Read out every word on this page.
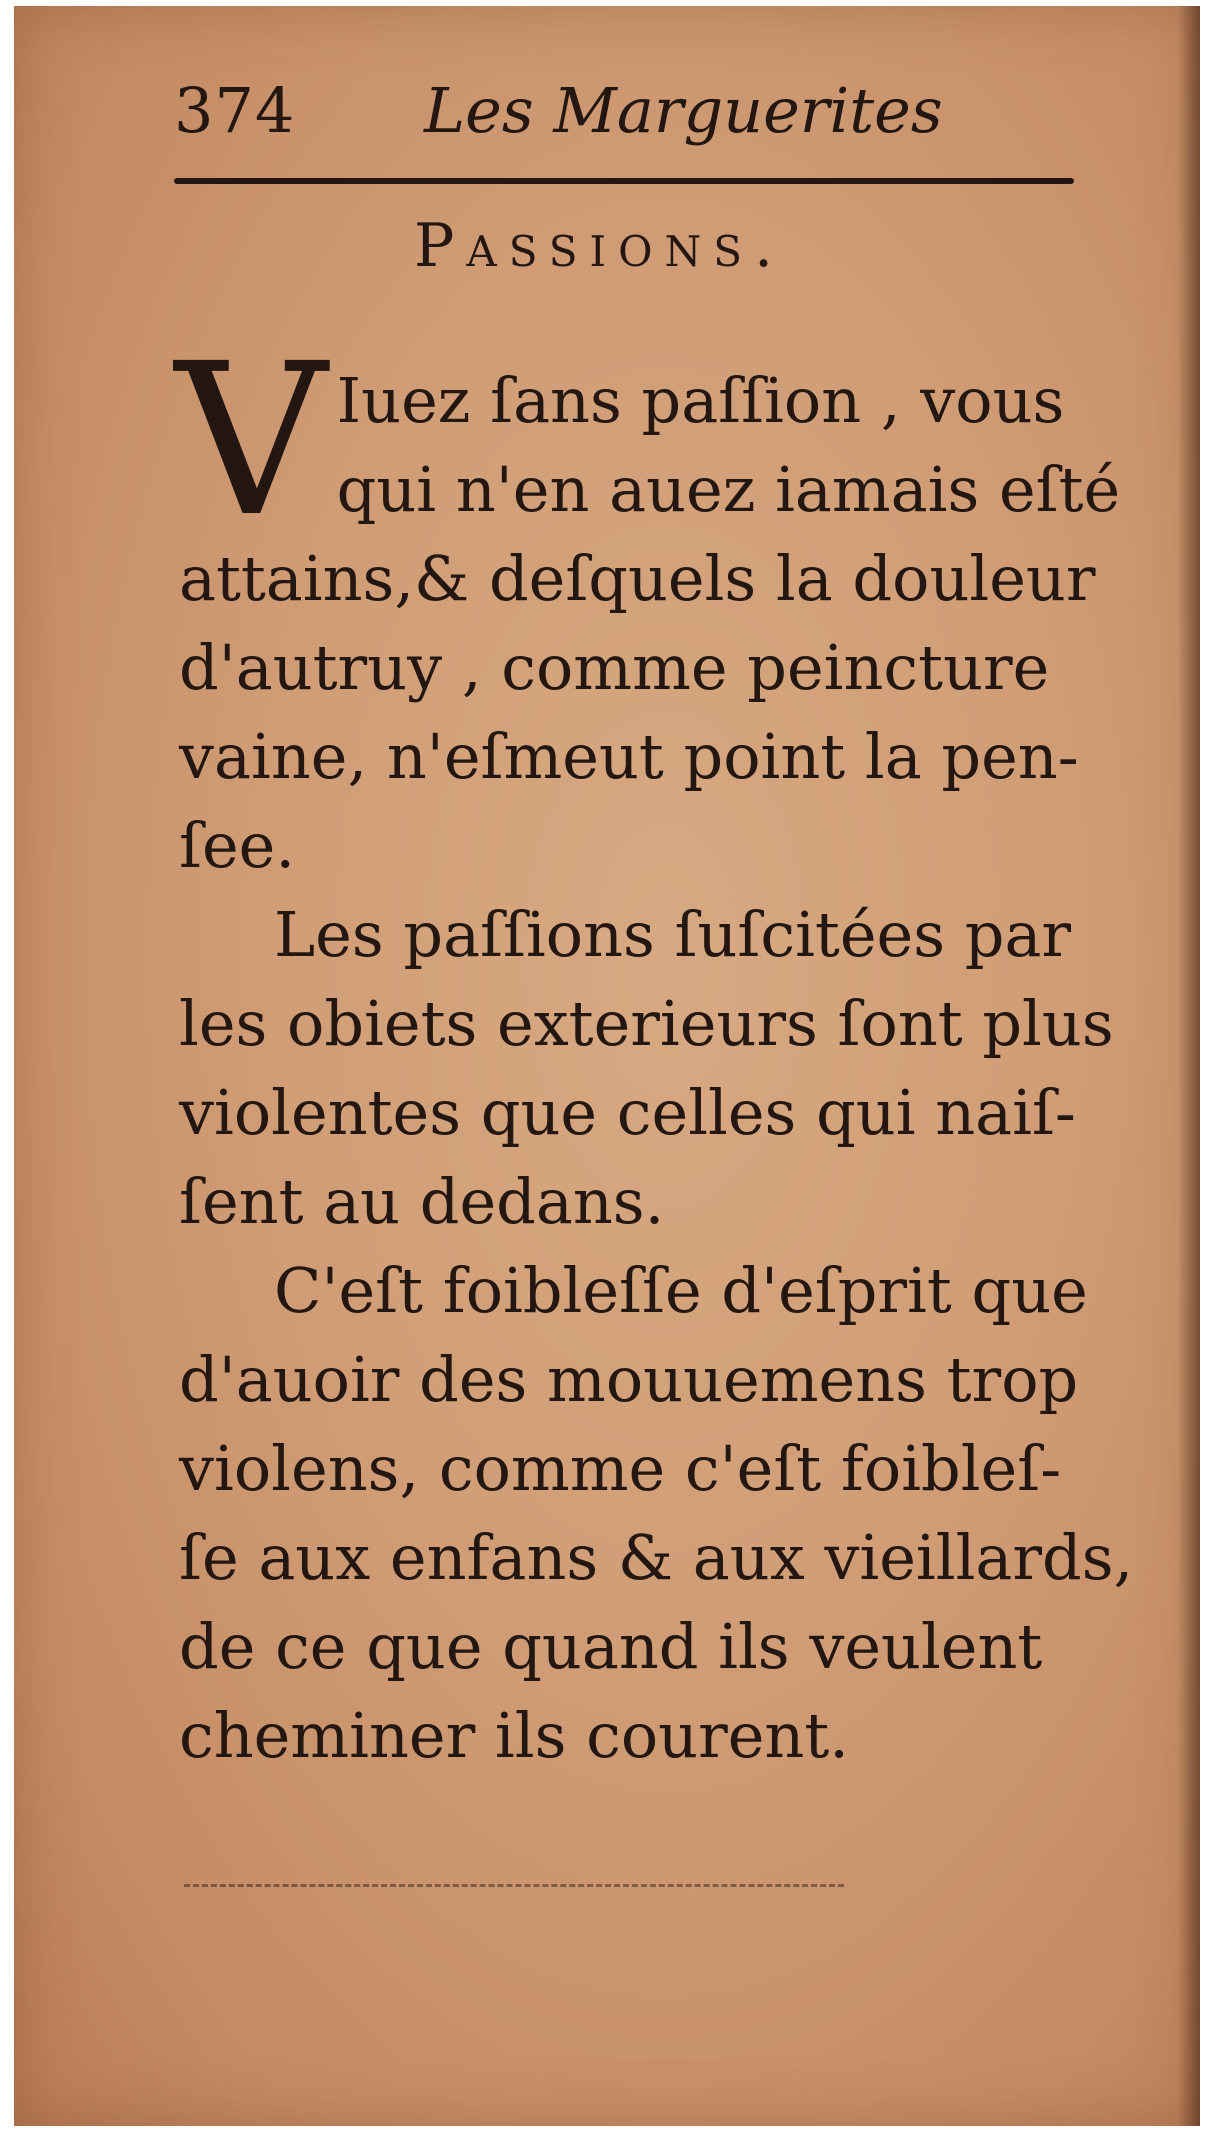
374 Les Marguerites
Passions.
V Iuez ſans paſſion , vous
qui n'en auez iamais eſté
attains,& deſquels la douleur
d'autruy , comme peincture
vaine, n'eſmeut point la pen-
ſee.
Les paſſions ſuſcitées par
les obiets exterieurs ſont plus
violentes que celles qui naiſ-
ſent au dedans.
C'eſt foibleſſe d'eſprit que
d'auoir des mouuemens trop
violens, comme c'eſt foibleſ-
ſe aux enfans & aux vieillards,
de ce que quand ils veulent
cheminer ils courent.
